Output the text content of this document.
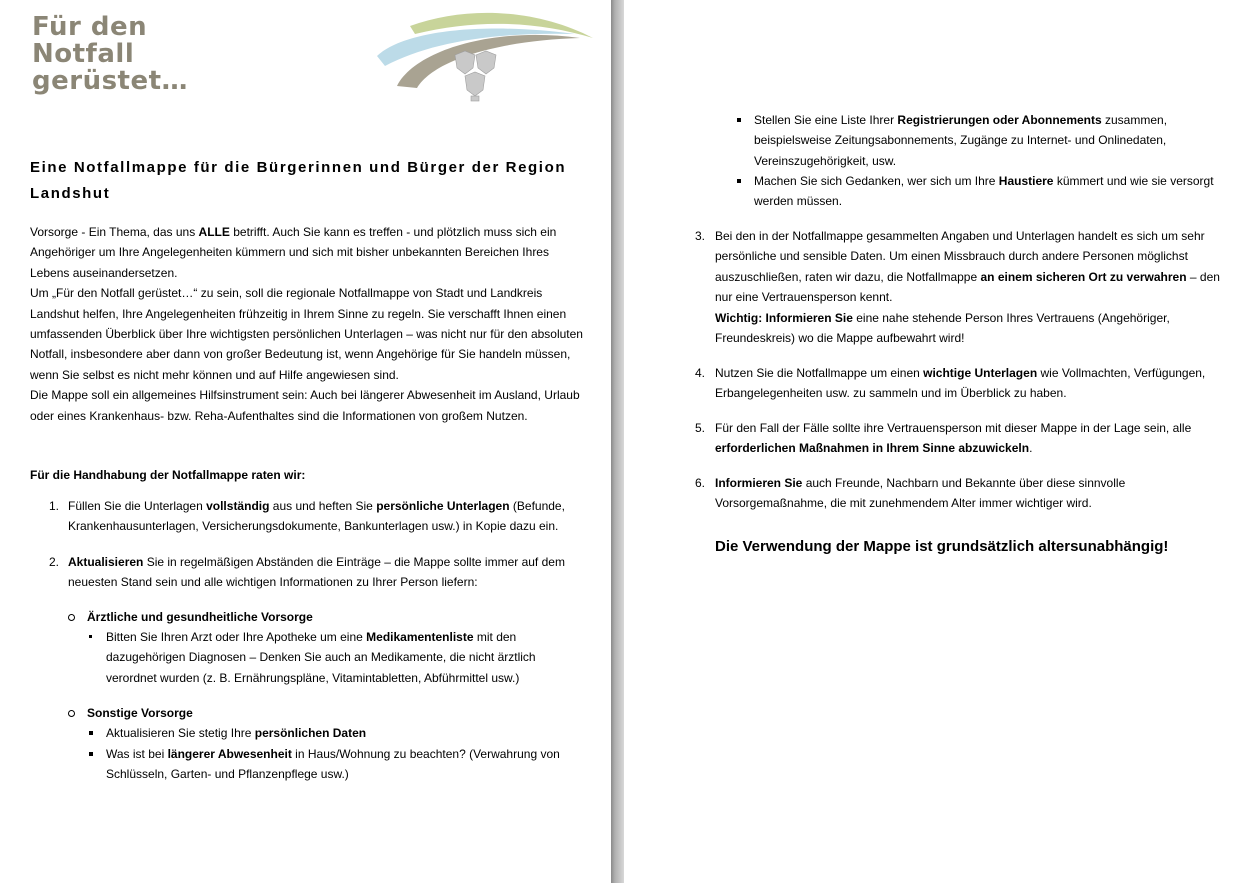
Für den
Notfall
gerüstet…
Eine Notfallmappe für die Bürgerinnen und Bürger der Region Landshut

Vorsorge - Ein Thema, das uns ALLE betrifft. Auch Sie kann es treffen - und plötzlich muss sich ein Angehöriger um Ihre Angelegenheiten kümmern und sich mit bisher unbekannten Bereichen Ihres Lebens auseinandersetzen.

Um „Für den Notfall gerüstet…“ zu sein, soll die regionale Notfallmappe von Stadt und Landkreis Landshut helfen, Ihre Angelegenheiten frühzeitig in Ihrem Sinne zu regeln. Sie verschafft Ihnen einen umfassenden Überblick über Ihre wichtigsten persönlichen Unterlagen – was nicht nur für den absoluten Notfall, insbesondere aber dann von großer Bedeutung ist, wenn Angehörige für Sie handeln müssen, wenn Sie selbst es nicht mehr können und auf Hilfe angewiesen sind.

Die Mappe soll ein allgemeines Hilfsinstrument sein: Auch bei längerer Abwesenheit im Ausland, Urlaub oder eines Krankenhaus- bzw. Reha-Aufenthaltes sind die Informationen von großem Nutzen.

Für die Handhabung der Notfallmappe raten wir:
1. Füllen Sie die Unterlagen vollständig aus und heften Sie persönliche Unterlagen (Befunde, Krankenhausunterlagen, Versicherungsdokumente, Bankunterlagen usw.) in Kopie dazu ein.
2. Aktualisieren Sie in regelmäßigen Abständen die Einträge – die Mappe sollte immer auf dem neuesten Stand sein und alle wichtigen Informationen zu Ihrer Person liefern:
Ärztliche und gesundheitliche Vorsorge
Bitten Sie Ihren Arzt oder Ihre Apotheke um eine Medikamentenliste mit den dazugehörigen Diagnosen – Denken Sie auch an Medikamente, die nicht ärztlich verordnet wurden (z. B. Ernährungspläne, Vitamintabletten, Abführmittel usw.)
Sonstige Vorsorge
Aktualisieren Sie stetig Ihre persönlichen Daten
Was ist bei längerer Abwesenheit in Haus/Wohnung zu beachten? (Verwahrung von Schlüsseln, Garten- und Pflanzenpflege usw.)
Stellen Sie eine Liste Ihrer Registrierungen oder Abonnements zusammen, beispielsweise Zeitungsabonnements, Zugänge zu Internet- und Onlinedaten, Vereinszugehörigkeit, usw.
Machen Sie sich Gedanken, wer sich um Ihre Haustiere kümmert und wie sie versorgt werden müssen.
3. Bei den in der Notfallmappe gesammelten Angaben und Unterlagen handelt es sich um sehr persönliche und sensible Daten. Um einen Missbrauch durch andere Personen möglichst auszuschließen, raten wir dazu, die Notfallmappe an einem sicheren Ort zu verwahren – den nur eine Vertrauensperson kennt.
Wichtig: Informieren Sie eine nahe stehende Person Ihres Vertrauens (Angehöriger, Freundeskreis) wo die Mappe aufbewahrt wird!
4. Nutzen Sie die Notfallmappe um einen wichtige Unterlagen wie Vollmachten, Verfügungen, Erbangelegenheiten usw. zu sammeln und im Überblick zu haben.
5. Für den Fall der Fälle sollte ihre Vertrauensperson mit dieser Mappe in der Lage sein, alle erforderlichen Maßnahmen in Ihrem Sinne abzuwickeln.
6. Informieren Sie auch Freunde, Nachbarn und Bekannte über diese sinnvolle Vorsorgemaßnahme, die mit zunehmendem Alter immer wichtiger wird.
Die Verwendung der Mappe ist grundsätzlich altersunabhängig!
